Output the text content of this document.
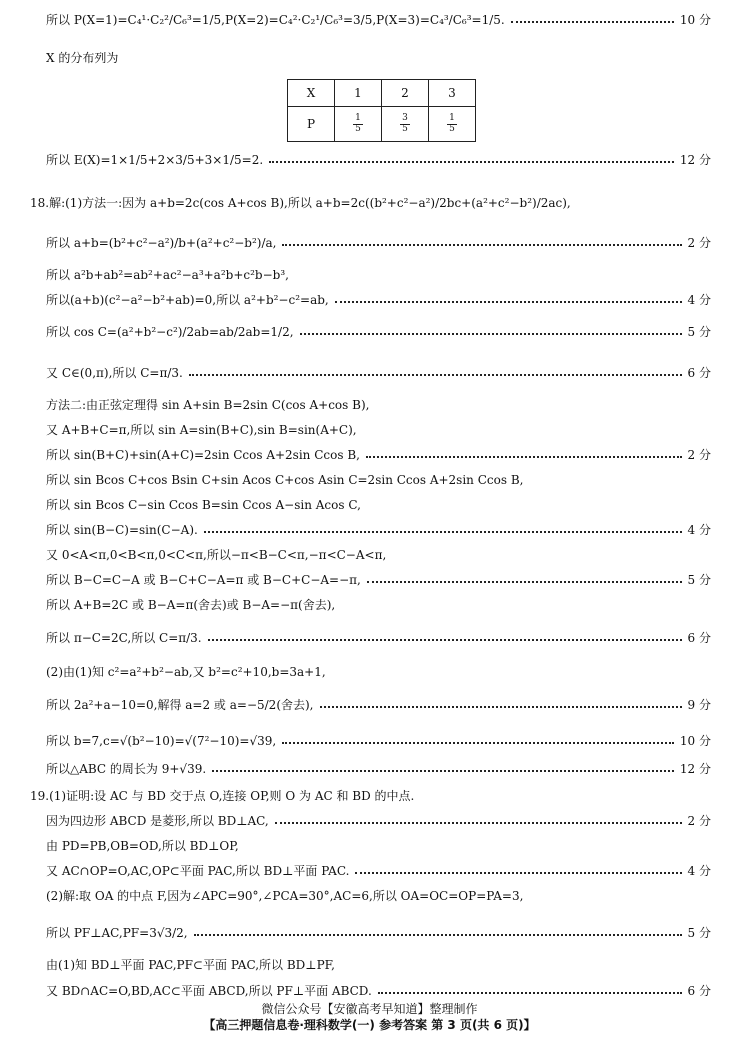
所以 P(X=1)=C₄¹·C₂²/C₆³=1/5,P(X=2)=C₄²·C₂¹/C₆³=3/5,P(X=3)=C₄³/C₆³=1/5.	10 分
X 的分布列为
X	1	2	3
P	$\frac{1}{5}$	$\frac{3}{5}$	$\frac{1}{5}$
所以 E(X)=1×1/5+2×3/5+3×1/5=2.	12 分
18.解:(1)方法一:因为 a+b=2c(cos A+cos B),所以 a+b=2c((b²+c²−a²)/2bc+(a²+c²−b²)/2ac),
所以 a+b=(b²+c²−a²)/b+(a²+c²−b²)/a,	2 分
所以 a²b+ab²=ab²+ac²−a³+a²b+c²b−b³,
所以(a+b)(c²−a²−b²+ab)=0,所以 a²+b²−c²=ab,	4 分
所以 cos C=(a²+b²−c²)/2ab=ab/2ab=1/2,	5 分
又 C∈(0,π),所以 C=π/3.	6 分
方法二:由正弦定理得 sin A+sin B=2sin C(cos A+cos B),
又 A+B+C=π,所以 sin A=sin(B+C),sin B=sin(A+C),
所以 sin(B+C)+sin(A+C)=2sin Ccos A+2sin Ccos B,	2 分
所以 sin Bcos C+cos Bsin C+sin Acos C+cos Asin C=2sin Ccos A+2sin Ccos B,
所以 sin Bcos C−sin Ccos B=sin Ccos A−sin Acos C,
所以 sin(B−C)=sin(C−A).	4 分
又 0<A<π,0<B<π,0<C<π,所以−π<B−C<π,−π<C−A<π,
所以 B−C=C−A 或 B−C+C−A=π 或 B−C+C−A=−π,	5 分
所以 A+B=2C 或 B−A=π(舍去)或 B−A=−π(舍去),
所以 π−C=2C,所以 C=π/3.	6 分
(2)由(1)知 c²=a²+b²−ab,又 b²=c²+10,b=3a+1,
所以 2a²+a−10=0,解得 a=2 或 a=−5/2(舍去),	9 分
所以 b=7,c=√(b²−10)=√(7²−10)=√39,	10 分
所以△ABC 的周长为 9+√39.	12 分
19.(1)证明:设 AC 与 BD 交于点 O,连接 OP,则 O 为 AC 和 BD 的中点.
因为四边形 ABCD 是菱形,所以 BD⊥AC,	2 分
由 PD=PB,OB=OD,所以 BD⊥OP,
又 AC∩OP=O,AC,OP⊂平面 PAC,所以 BD⊥平面 PAC.	4 分
(2)解:取 OA 的中点 F,因为∠APC=90°,∠PCA=30°,AC=6,所以 OA=OC=OP=PA=3,
所以 PF⊥AC,PF=3√3/2,	5 分
由(1)知 BD⊥平面 PAC,PF⊂平面 PAC,所以 BD⊥PF,
又 BD∩AC=O,BD,AC⊂平面 ABCD,所以 PF⊥平面 ABCD.	6 分
微信公众号【安徽高考早知道】整理制作
【高三押题信息卷·理科数学(一) 参考答案 第 3 页(共 6 页)】
